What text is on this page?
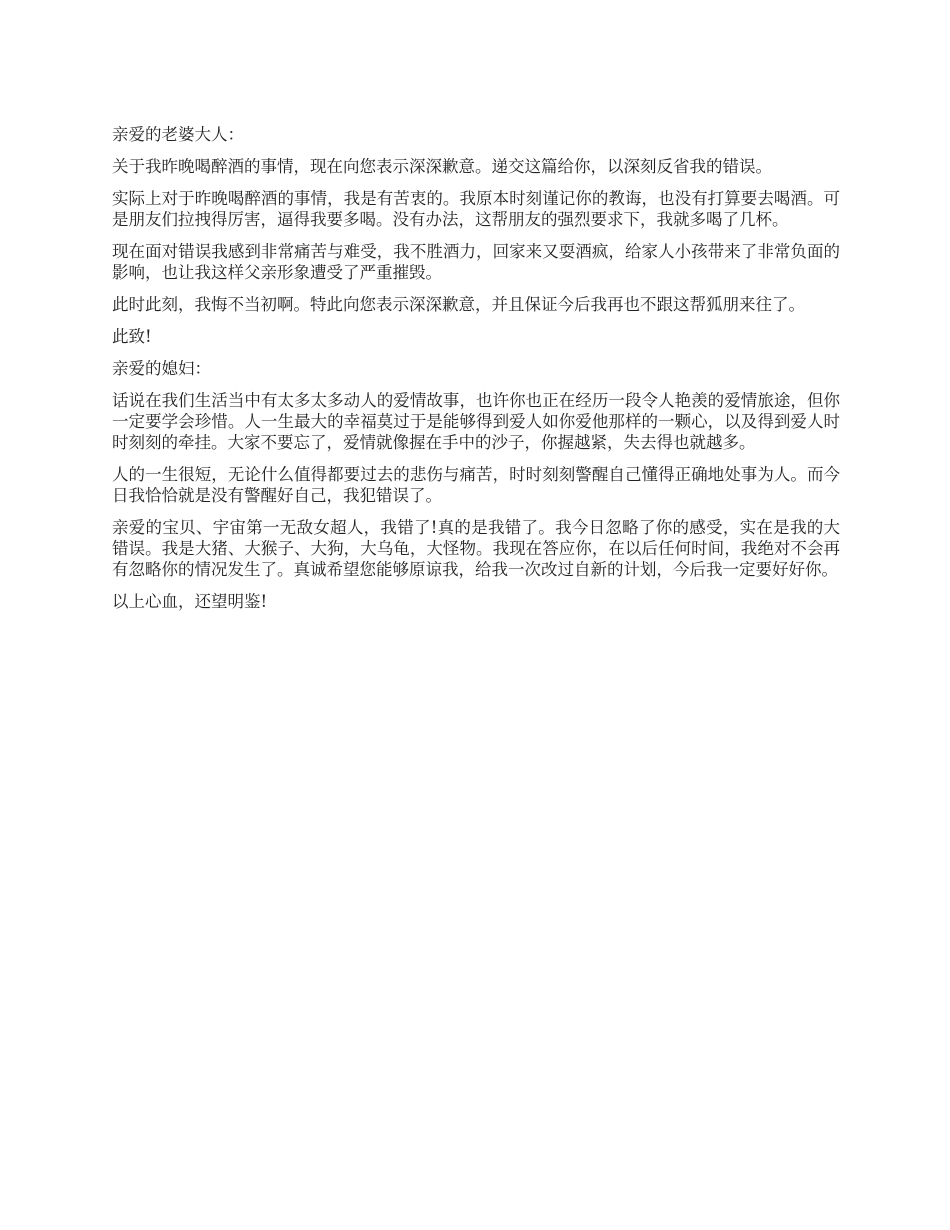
亲爱的老婆大人：

关于我昨晚喝醉酒的事情，现在向您表示深深歉意。递交这篇给你，以深刻反省我的错误。

实际上对于昨晚喝醉酒的事情，我是有苦衷的。我原本时刻谨记你的教诲，也没有打算要去喝酒。可是朋友们拉拽得厉害，逼得我要多喝。没有办法，这帮朋友的强烈要求下，我就多喝了几杯。

现在面对错误我感到非常痛苦与难受，我不胜酒力，回家来又耍酒疯，给家人小孩带来了非常负面的影响，也让我这样父亲形象遭受了严重摧毁。

此时此刻，我悔不当初啊。特此向您表示深深歉意，并且保证今后我再也不跟这帮狐朋来往了。

此致!

亲爱的媳妇：

话说在我们生活当中有太多太多动人的爱情故事，也许你也正在经历一段令人艳羡的爱情旅途，但你一定要学会珍惜。人一生最大的幸福莫过于是能够得到爱人如你爱他那样的一颗心，以及得到爱人时时刻刻的牵挂。大家不要忘了，爱情就像握在手中的沙子，你握越紧，失去得也就越多。

人的一生很短，无论什么值得都要过去的悲伤与痛苦，时时刻刻警醒自己懂得正确地处事为人。而今日我恰恰就是没有警醒好自己，我犯错误了。

亲爱的宝贝、宇宙第一无敌女超人，我错了!真的是我错了。我今日忽略了你的感受，实在是我的大错误。我是大猪、大猴子、大狗，大乌龟，大怪物。我现在答应你，在以后任何时间，我绝对不会再有忽略你的情况发生了。真诚希望您能够原谅我，给我一次改过自新的计划，今后我一定要好好你。

以上心血，还望明鉴!
